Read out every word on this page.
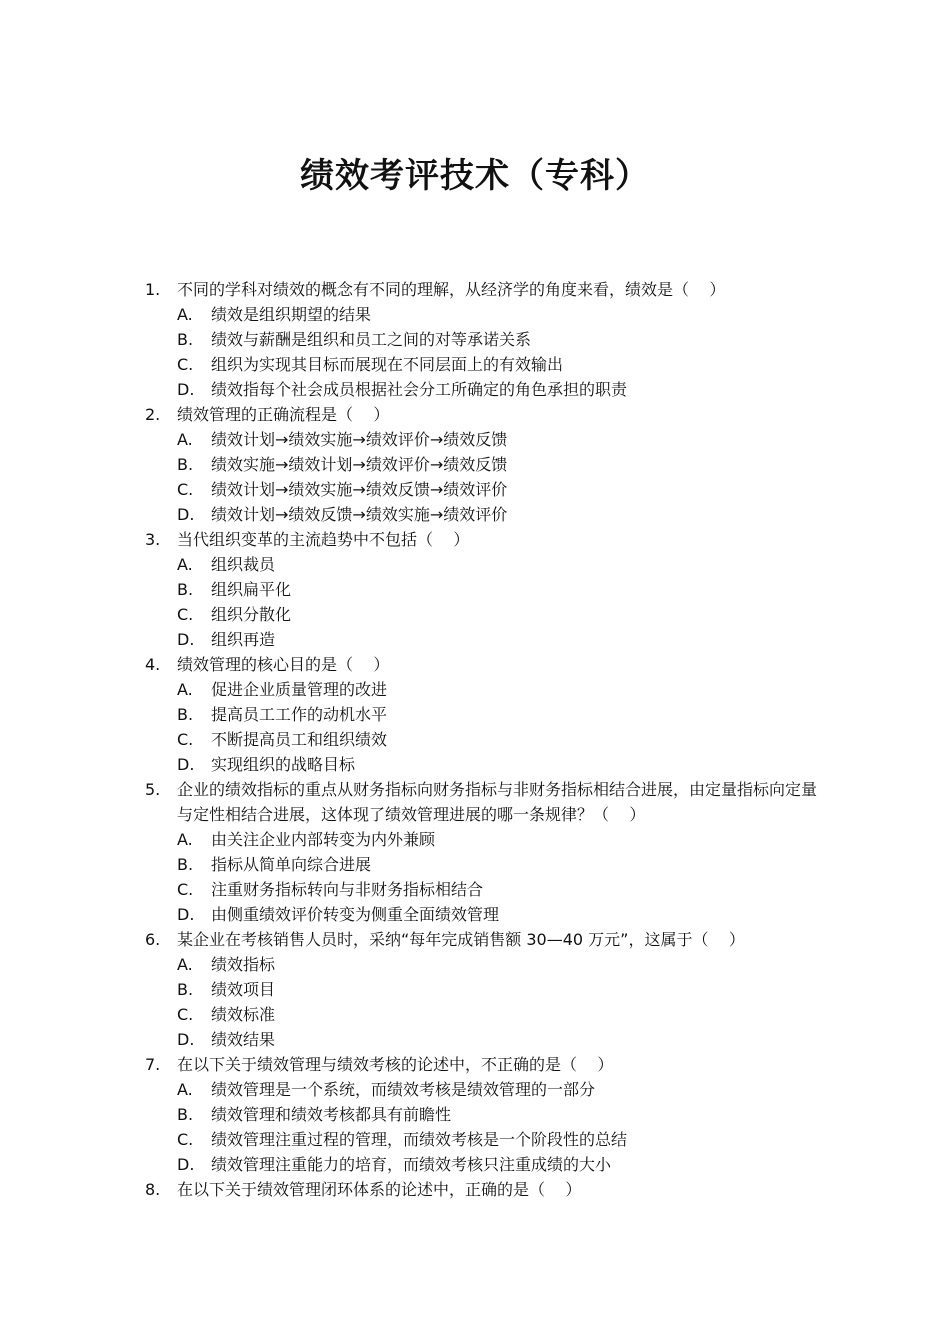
绩效考评技术（专科）
1.	不同的学科对绩效的概念有不同的理解，从经济学的角度来看，绩效是（    ）
A.	绩效是组织期望的结果
B.	绩效与薪酬是组织和员工之间的对等承诺关系
C.	组织为实现其目标而展现在不同层面上的有效输出
D.	绩效指每个社会成员根据社会分工所确定的角色承担的职责
2.	绩效管理的正确流程是（    ）
A.	绩效计划→绩效实施→绩效评价→绩效反馈
B.	绩效实施→绩效计划→绩效评价→绩效反馈
C.	绩效计划→绩效实施→绩效反馈→绩效评价
D.	绩效计划→绩效反馈→绩效实施→绩效评价
3.	当代组织变革的主流趋势中不包括（    ）
A.	组织裁员
B.	组织扁平化
C.	组织分散化
D.	组织再造
4.	绩效管理的核心目的是（    ）
A.	促进企业质量管理的改进
B.	提高员工工作的动机水平
C.	不断提高员工和组织绩效
D.	实现组织的战略目标
5.	企业的绩效指标的重点从财务指标向财务指标与非财务指标相结合进展，由定量指标向定量与定性相结合进展，这体现了绩效管理进展的哪一条规律？（    ）
A.	由关注企业内部转变为内外兼顾
B.	指标从简单向综合进展
C.	注重财务指标转向与非财务指标相结合
D.	由侧重绩效评价转变为侧重全面绩效管理
6.	某企业在考核销售人员时，采纳“每年完成销售额 30—40 万元”，这属于（    ）
A.	绩效指标
B.	绩效项目
C.	绩效标准
D.	绩效结果
7.	在以下关于绩效管理与绩效考核的论述中，不正确的是（    ）
A.	绩效管理是一个系统，而绩效考核是绩效管理的一部分
B.	绩效管理和绩效考核都具有前瞻性
C.	绩效管理注重过程的管理，而绩效考核是一个阶段性的总结
D.	绩效管理注重能力的培育，而绩效考核只注重成绩的大小
8.	在以下关于绩效管理闭环体系的论述中，正确的是（    ）
